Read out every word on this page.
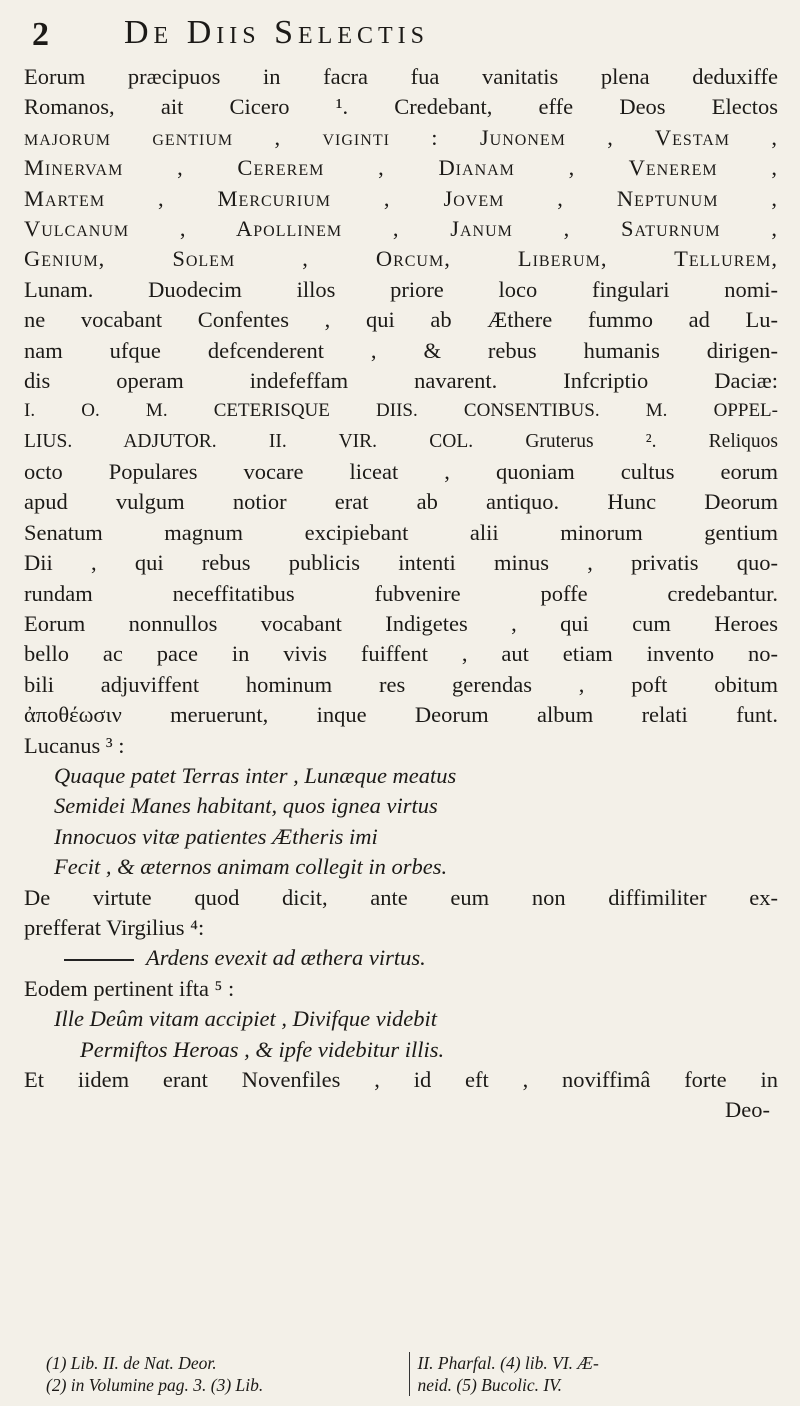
2 De Diis Selectis
Eorum præcipuos in facra fua vanitatis plena deduxiffe
Romanos, ait Cicero ¹. Credebant, effe Deos Electos
majorum gentium , viginti : Junonem , Vestam ,
Minervam , Cererem , Dianam , Venerem ,
Martem , Mercurium , Jovem , Neptunum ,
Vulcanum , Apollinem , Janum , Saturnum ,
Genium, Solem , Orcum, Liberum, Tellurem,
Lunam. Duodecim illos priore loco fingulari nomi-
ne vocabant Confentes , qui ab Æthere fummo ad Lu-
nam ufque defcenderent , & rebus humanis dirigen-
dis operam indefeffam navarent. Infcriptio Daciæ:
I. O. M. CETERISQUE DIIS. CONSENTIBUS. M. OPPEL-
LIUS. ADJUTOR. II. VIR. COL. Gruterus ². Reliquos
octo Populares vocare liceat , quoniam cultus eorum
apud vulgum notior erat ab antiquo. Hunc Deorum
Senatum magnum excipiebant alii minorum gentium
Dii , qui rebus publicis intenti minus , privatis quo-
rundam neceffitatibus fubvenire poffe credebantur.
Eorum nonnullos vocabant Indigetes , qui cum Heroes
bello ac pace in vivis fuiffent , aut etiam invento no-
bili adjuviffent hominum res gerendas , poft obitum
ἀποθέωσιν meruerunt, inque Deorum album relati funt.
Lucanus ³ :
Quaque patet Terras inter , Lunæque meatus
Semidei Manes habitant, quos ignea virtus
Innocuos vitæ patientes Ætheris imi
Fecit , & æternos animam collegit in orbes.
De virtute quod dicit, ante eum non diffimiliter ex-
prefferat Virgilius ⁴:
Ardens evexit ad æthera virtus.
Eodem pertinent ifta ⁵ :
Ille Deûm vitam accipiet , Divifque videbit
Permiftos Heroas , & ipfe videbitur illis.
Et iidem erant Novenfiles , id eft , noviffimâ forte in
Deo-
(1) Lib. II. de Nat. Deor.
(2) in Volumine pag. 3. (3) Lib.
II. Pharfal. (4) lib. VI. Æ-
neid. (5) Bucolic. IV.
